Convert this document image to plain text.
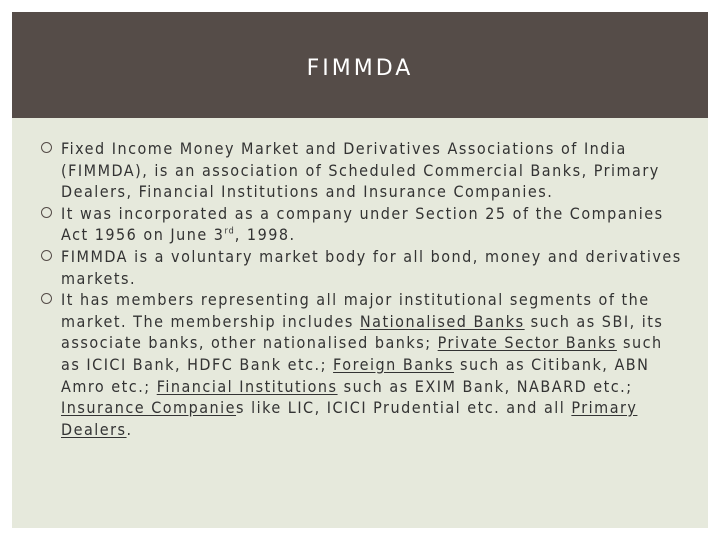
FIMMDA
Fixed Income Money Market and Derivatives Associations of India (FIMMDA), is an association of Scheduled Commercial Banks, Primary Dealers, Financial Institutions and Insurance Companies.
It was incorporated as a company under Section 25 of the Companies Act 1956 on June 3rd, 1998.
FIMMDA is a voluntary market body for all bond, money and derivatives markets.
It has members representing all major institutional segments of the market. The membership includes Nationalised Banks such as SBI, its associate banks, other nationalised banks; Private Sector Banks such as ICICI Bank, HDFC Bank etc.; Foreign Banks such as Citibank, ABN Amro etc.; Financial Institutions such as EXIM Bank, NABARD etc.; Insurance Companies like LIC, ICICI Prudential etc. and all Primary Dealers.
